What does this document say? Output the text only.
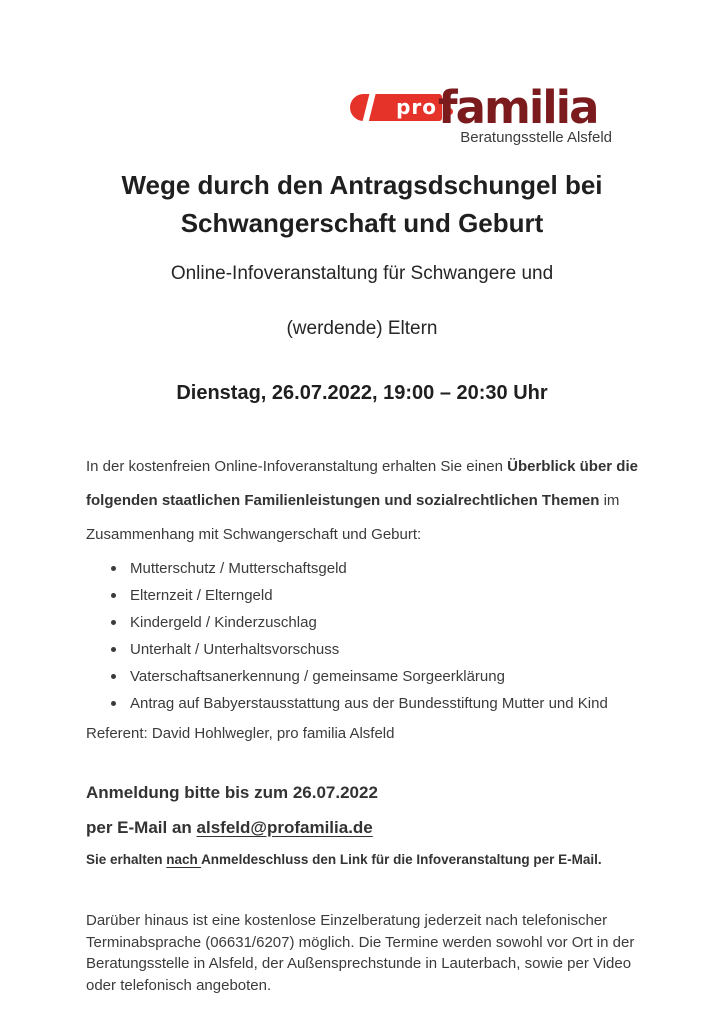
pro familia
Beratungsstelle Alsfeld
Wege durch den Antragsdschungel bei
Schwangerschaft und Geburt
Online-Infoveranstaltung für Schwangere und
(werdende) Eltern
Dienstag, 26.07.2022, 19:00 – 20:30 Uhr

In der kostenfreien Online-Infoveranstaltung erhalten Sie einen Überblick über die folgenden staatlichen Familienleistungen und sozialrechtlichen Themen im Zusammenhang mit Schwangerschaft und Geburt:

Mutterschutz / Mutterschaftsgeld
Elternzeit / Elterngeld
Kindergeld / Kinderzuschlag
Unterhalt / Unterhaltsvorschuss
Vaterschaftsanerkennung / gemeinsame Sorgeerklärung
Antrag auf Babyerstausstattung aus der Bundesstiftung Mutter und Kind

Referent: David Hohlwegler, pro familia Alsfeld

Anmeldung bitte bis zum 26.07.2022
per E-Mail an alsfeld@profamilia.de
Sie erhalten nach Anmeldeschluss den Link für die Infoveranstaltung per E-Mail.

Darüber hinaus ist eine kostenlose Einzelberatung jederzeit nach telefonischer Terminabsprache (06631/6207) möglich. Die Termine werden sowohl vor Ort in der Beratungsstelle in Alsfeld, der Außensprechstunde in Lauterbach, sowie per Video oder telefonisch angeboten.
